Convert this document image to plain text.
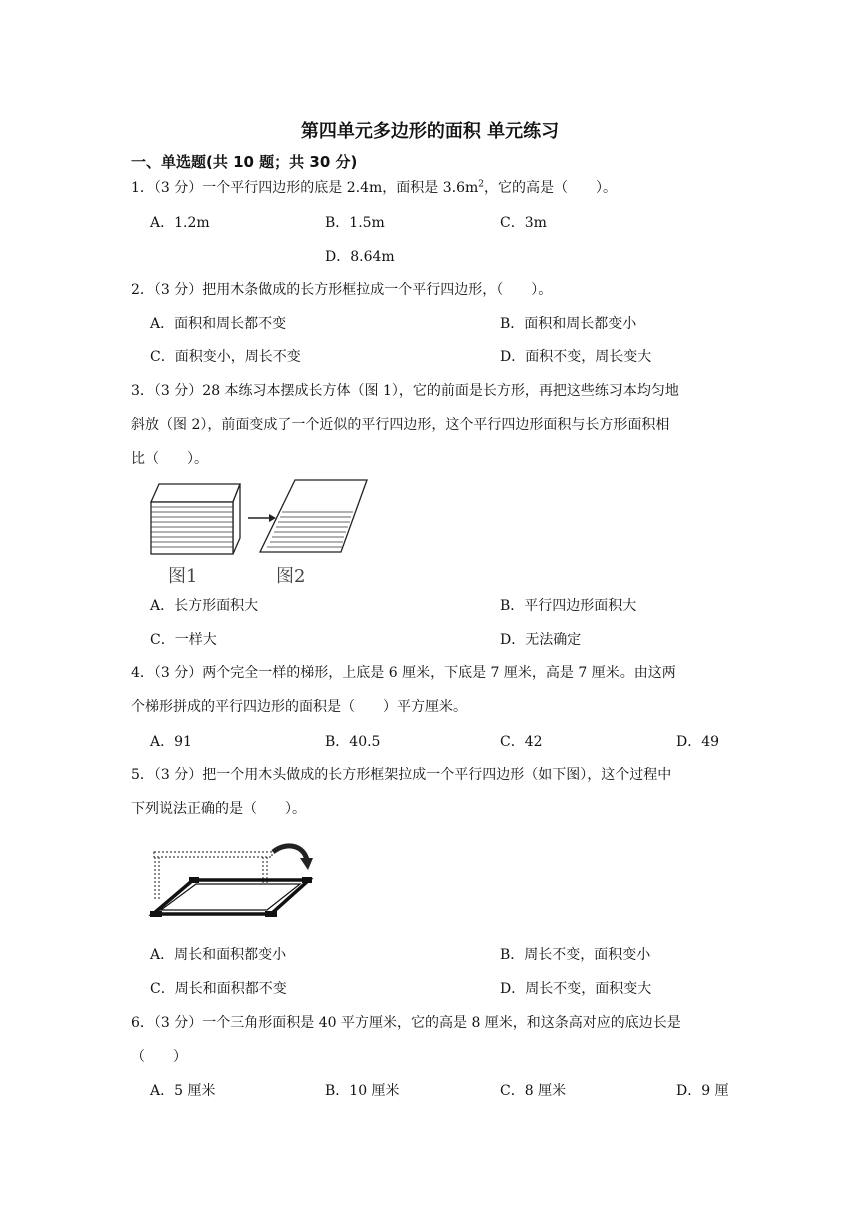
第四单元多边形的面积 单元练习
一、单选题(共 10 题；共 30 分)
1．（3 分）一个平行四边形的底是 2.4m，面积是 $3.6m^2$，它的高是（　　）。
A．1.2m	B．1.5m	C．3m
D．8.64m
2．（3 分）把用木条做成的长方形框拉成一个平行四边形，（　　）。
A．面积和周长都不变	B．面积和周长都变小
C．面积变小，周长不变	D．面积不变，周长变大
3．（3 分）28 本练习本摆成长方体（图 1），它的前面是长方形，再把这些练习本均匀地
斜放（图 2），前面变成了一个近似的平行四边形，这个平行四边形面积与长方形面积相
比（　　）。
图1	图2
A．长方形面积大	B．平行四边形面积大
C．一样大	D．无法确定
4．（3 分）两个完全一样的梯形，上底是 6 厘米，下底是 7 厘米，高是 7 厘米。由这两
个梯形拼成的平行四边形的面积是（　　）平方厘米。
A．91	B．40.5	C．42	D．49
5．（3 分）把一个用木头做成的长方形框架拉成一个平行四边形（如下图），这个过程中
下列说法正确的是（　　）。
A．周长和面积都变小	B．周长不变，面积变小
C．周长和面积都不变	D．周长不变，面积变大
6．（3 分）一个三角形面积是 40 平方厘米，它的高是 8 厘米，和这条高对应的底边长是
（　　）
A．5 厘米	B．10 厘米	C．8 厘米	D．9 厘
